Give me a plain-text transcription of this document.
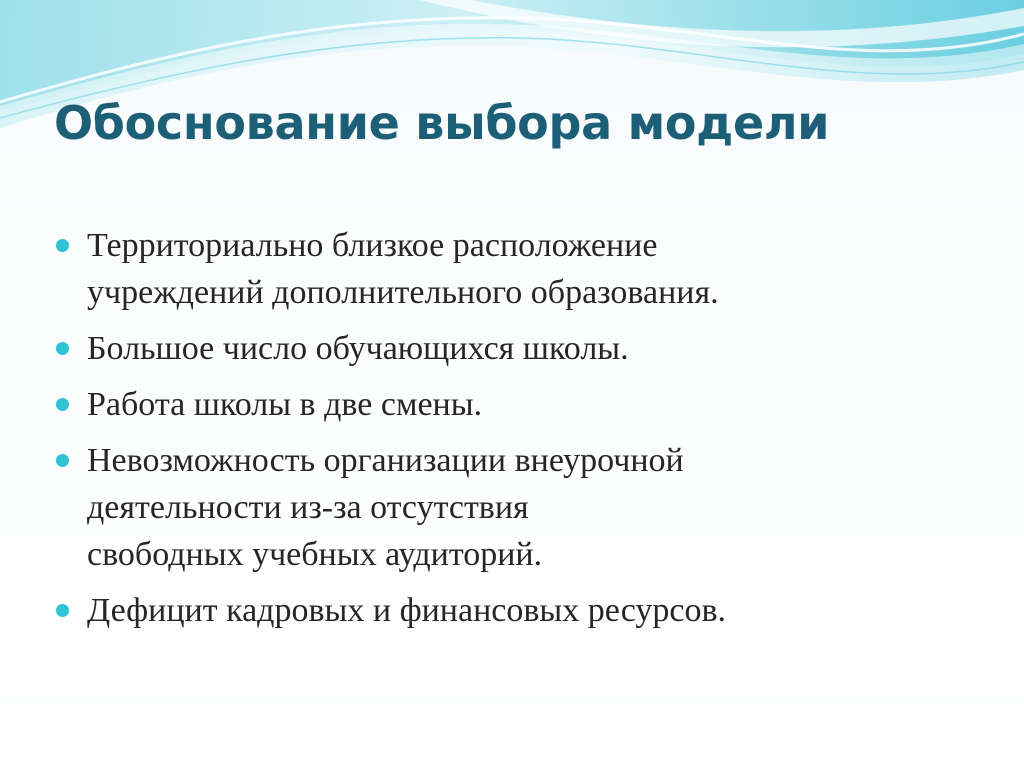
Обоснование выбора модели
Территориально близкое расположение
учреждений дополнительного образования.
Большое число обучающихся школы.
Работа школы в две смены.
Невозможность организации внеурочной
деятельности из-за отсутствия
свободных учебных аудиторий.
Дефицит кадровых и финансовых ресурсов.
